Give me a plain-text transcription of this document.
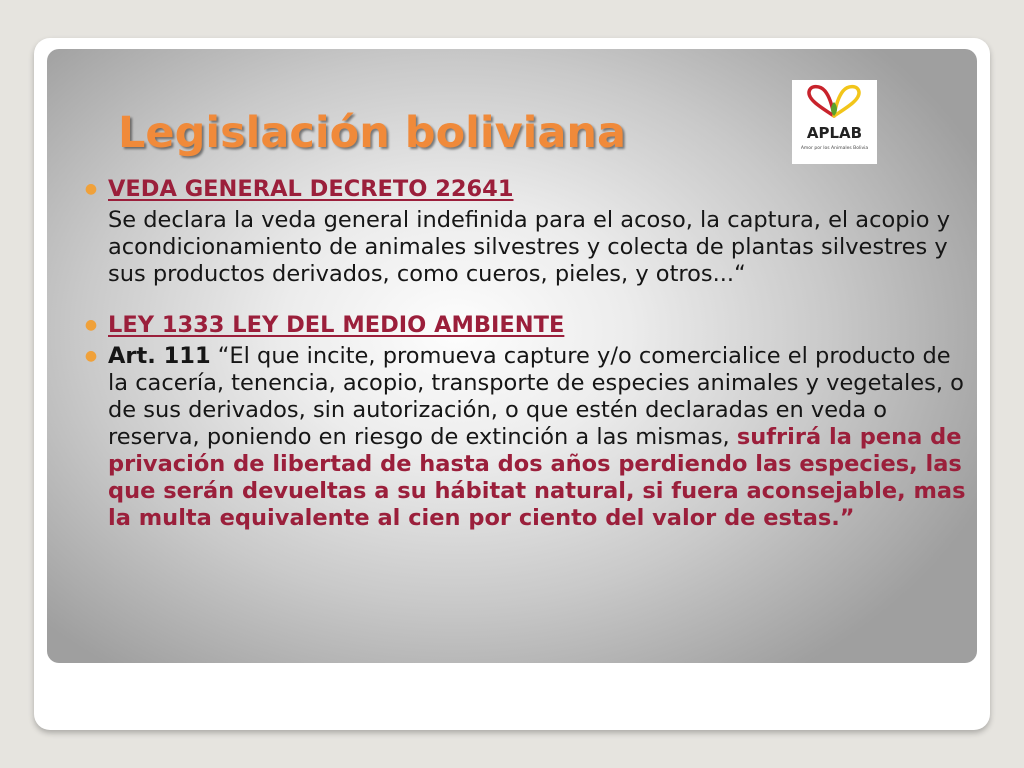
Legislación boliviana	APLAB
Amor por los Animales Bolivia
● VEDA GENERAL DECRETO 22641
Se declara la veda general indefinida para el acoso, la captura, el acopio y acondicionamiento de animales silvestres y colecta de plantas silvestres y sus productos derivados, como cueros, pieles, y otros...“
● LEY 1333 LEY DEL MEDIO AMBIENTE
● Art. 111 “El que incite, promueva capture y/o comercialice el producto de la cacería, tenencia, acopio, transporte de especies animales y vegetales, o de sus derivados, sin autorización, o que estén declaradas en veda o reserva, poniendo en riesgo de extinción a las mismas, sufrirá la pena de privación de libertad de hasta dos años perdiendo las especies, las que serán devueltas a su hábitat natural, si fuera aconsejable, mas la multa equivalente al cien por ciento del valor de estas.”
